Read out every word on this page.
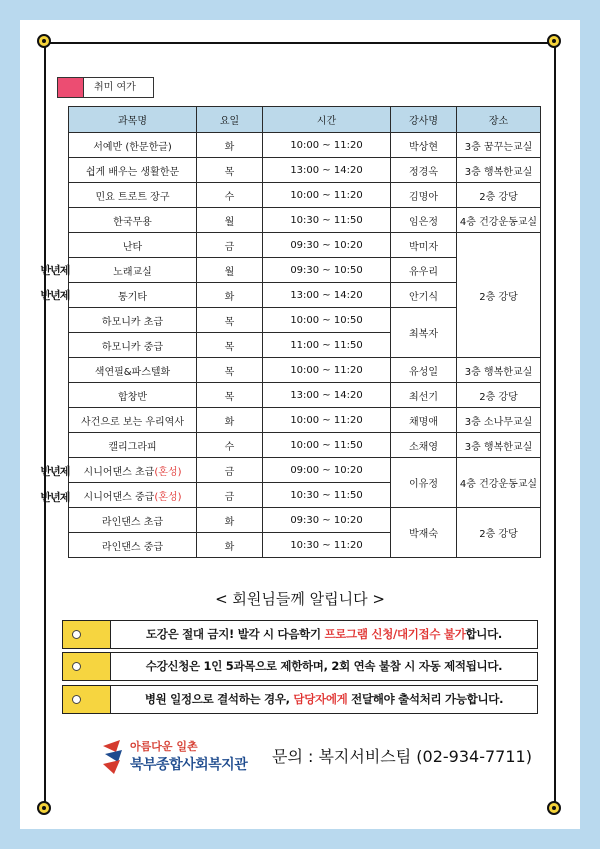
취미 여가
과목명	요일	시간	강사명	장소
서예반 (한문한글)	화	10:00 ~ 11:20	박상현	3층 꿈꾸는교실
쉽게 배우는 생활한문	목	13:00 ~ 14:20	정경옥	3층 행복한교실
민요 트로트 장구	수	10:00 ~ 11:20	김명아	2층 강당
한국무용	월	10:30 ~ 11:50	임은정	4층 건강운동교실
난타	금	09:30 ~ 10:20	박미자	2층 강당
노래교실	월	09:30 ~ 10:50	유우리	
통기타	화	13:00 ~ 14:20	안기식	
하모니카 초급	목	10:00 ~ 10:50	최복자	
하모니카 중급	목	11:00 ~ 11:50		
색연필&파스텔화	목	10:00 ~ 11:20	유성일	3층 행복한교실
합창반	목	13:00 ~ 14:20	최선기	2층 강당
사건으로 보는 우리역사	화	10:00 ~ 11:20	채명애	3층 소나무교실
캘리그라피	수	10:00 ~ 11:50	소채영	3층 행복한교실
시니어댄스 초급(혼성)	금	09:00 ~ 10:20	이유정	4층 건강운동교실
시니어댄스 중급(혼성)	금	10:30 ~ 11:50		
라인댄스 초급	화	09:30 ~ 10:20	박재숙	2층 강당
라인댄스 중급	화	10:30 ~ 11:20		
반년제
반년제
반년제
반년제
< 회원님들께 알립니다 >
도강은 절대 금지! 발각 시 다음학기 프로그램 신청/대기접수 불가합니다.
수강신청은 1인 5과목으로 제한하며, 2회 연속 불참 시 자동 제적됩니다.
병원 일정으로 결석하는 경우, 담당자에게 전달해야 출석처리 가능합니다.
아름다운 일촌
북부종합사회복지관 문의 : 복지서비스팀 (02-934-7711)
